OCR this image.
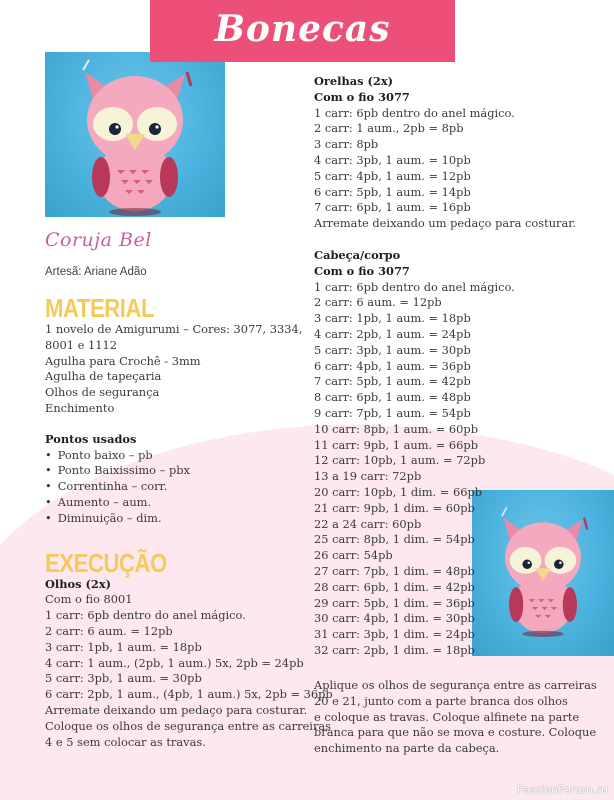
Bonecas
Coruja Bel
Artesã: Ariane Adão
MATERIAL
1 novelo de Amigurumi – Cores: 3077, 3334,
8001 e 1112
Agulha para Crochê - 3mm
Agulha de tapeçaria
Olhos de segurança
Enchimento
Pontos usados
• Ponto baixo – pb
• Ponto Baixissimo – pbx
• Correntinha – corr.
• Aumento – aum.
• Diminuição – dim.
EXECUÇÃO
Olhos (2x)
Com o fio 8001
1 carr: 6pb dentro do anel mágico.
2 carr: 6 aum. = 12pb
3 carr: 1pb, 1 aum. = 18pb
4 carr: 1 aum., (2pb, 1 aum.) 5x, 2pb = 24pb
5 carr: 3pb, 1 aum. = 30pb
6 carr: 2pb, 1 aum., (4pb, 1 aum.) 5x, 2pb = 36pb
Arremate deixando um pedaço para costurar.
Coloque os olhos de segurança entre as carreiras
4 e 5 sem colocar as travas.
Orelhas (2x)
Com o fio 3077
1 carr: 6pb dentro do anel mágico.
2 carr: 1 aum., 2pb = 8pb
3 carr: 8pb
4 carr: 3pb, 1 aum. = 10pb
5 carr: 4pb, 1 aum. = 12pb
6 carr: 5pb, 1 aum. = 14pb
7 carr: 6pb, 1 aum. = 16pb
Arremate deixando um pedaço para costurar.
Cabeça/corpo
Com o fio 3077
1 carr: 6pb dentro do anel mágico.
2 carr: 6 aum. = 12pb
3 carr: 1pb, 1 aum. = 18pb
4 carr: 2pb, 1 aum. = 24pb
5 carr: 3pb, 1 aum. = 30pb
6 carr: 4pb, 1 aum. = 36pb
7 carr: 5pb, 1 aum. = 42pb
8 carr: 6pb, 1 aum. = 48pb
9 carr: 7pb, 1 aum. = 54pb
10 carr: 8pb, 1 aum. = 60pb
11 carr: 9pb, 1 aum. = 66pb
12 carr: 10pb, 1 aum. = 72pb
13 a 19 carr: 72pb
20 carr: 10pb, 1 dim. = 66pb
21 carr: 9pb, 1 dim. = 60pb
22 a 24 carr: 60pb
25 carr: 8pb, 1 dim. = 54pb
26 carr: 54pb
27 carr: 7pb, 1 dim. = 48pb
28 carr: 6pb, 1 dim. = 42pb
29 carr: 5pb, 1 dim. = 36pb
30 carr: 4pb, 1 dim. = 30pb
31 carr: 3pb, 1 dim. = 24pb
32 carr: 2pb, 1 dim. = 18pb
Aplique os olhos de segurança entre as carreiras
20 e 21, junto com a parte branca dos olhos
e coloque as travas. Coloque alfinete na parte
branca para que não se mova e costure. Coloque
enchimento na parte da cabeça.
PassionForum.ru
